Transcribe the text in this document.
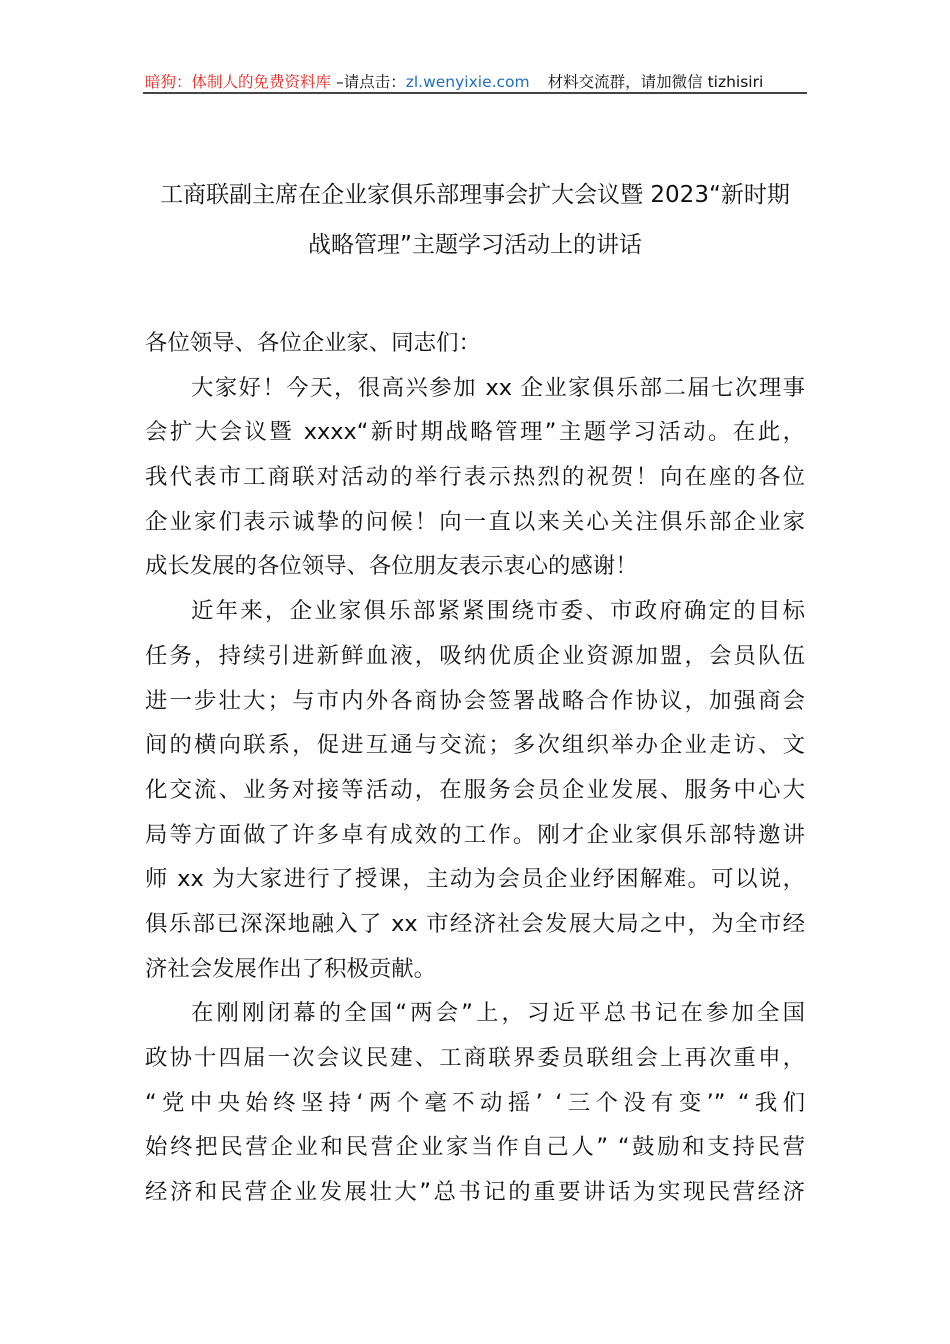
暗狗：体制人的免费资料库 –请点击：zl.wenyixie.com 材料交流群，请加微信 tizhisiri
工商联副主席在企业家俱乐部理事会扩大会议暨 2023“新时期
战略管理”主题学习活动上的讲话
各位领导、各位企业家、同志们：
大家好！今天，很高兴参加 xx 企业家俱乐部二届七次理事
会扩大会议暨 xxxx“新时期战略管理”主题学习活动。在此，
我代表市工商联对活动的举行表示热烈的祝贺！向在座的各位
企业家们表示诚挚的问候！向一直以来关心关注俱乐部企业家
成长发展的各位领导、各位朋友表示衷心的感谢！
近年来，企业家俱乐部紧紧围绕市委、市政府确定的目标
任务，持续引进新鲜血液，吸纳优质企业资源加盟，会员队伍
进一步壮大；与市内外各商协会签署战略合作协议，加强商会
间的横向联系，促进互通与交流；多次组织举办企业走访、文
化交流、业务对接等活动，在服务会员企业发展、服务中心大
局等方面做了许多卓有成效的工作。刚才企业家俱乐部特邀讲
师 xx 为大家进行了授课，主动为会员企业纾困解难。可以说，
俱乐部已深深地融入了 xx 市经济社会发展大局之中，为全市经
济社会发展作出了积极贡献。
在刚刚闭幕的全国“两会”上，习近平总书记在参加全国
政协十四届一次会议民建、工商联界委员联组会上再次重申，
“党中央始终坚持‘两个毫不动摇’ ‘三个没有变’” “我们
始终把民营企业和民营企业家当作自己人” “鼓励和支持民营
经济和民营企业发展壮大”总书记的重要讲话为实现民营经济
